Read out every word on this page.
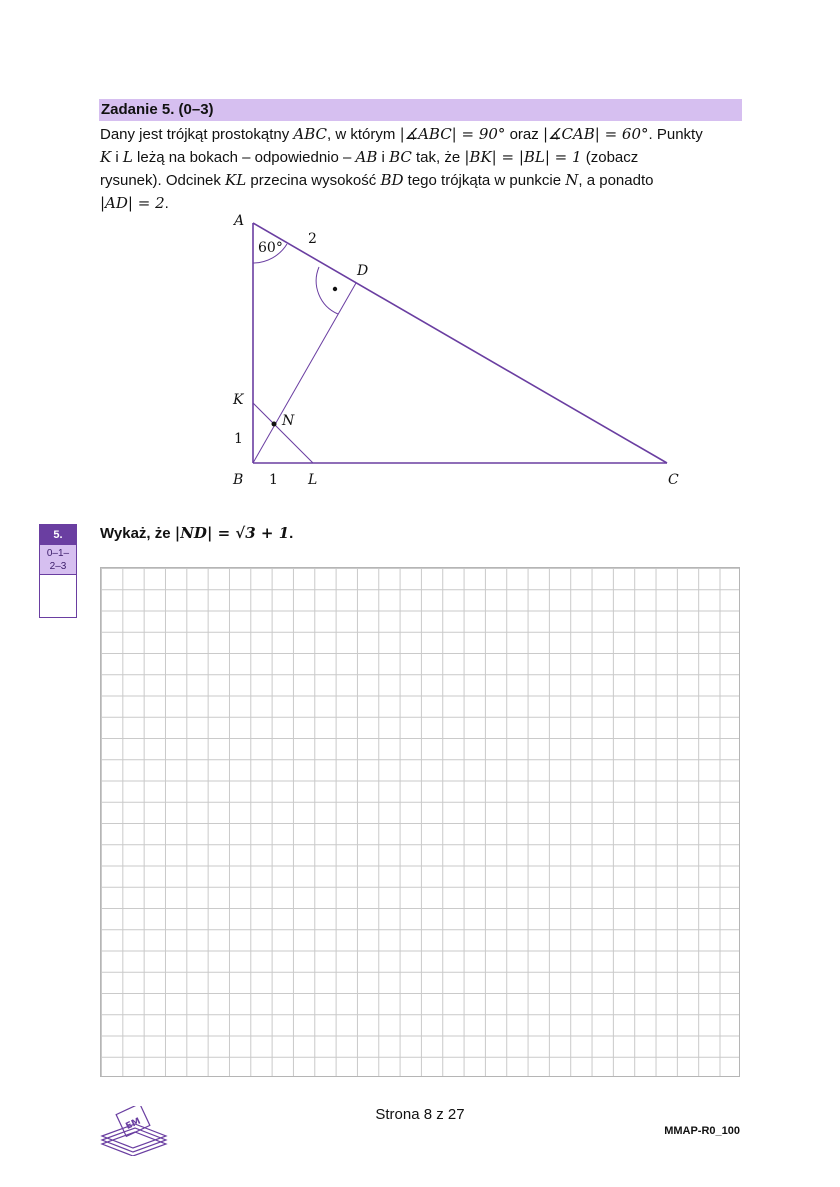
Zadanie 5. (0–3)

Dany jest trójkąt prostokątny ABC, w którym |∡ABC| = 90° oraz |∡CAB| = 60°. Punkty

K i L leżą na bokach – odpowiednio – AB i BC tak, że |BK| = |BL| = 1 (zobacz

rysunek). Odcinek KL przecina wysokość BD tego trójkąta w punkcie N, a ponadto

|AD| = 2.

A
60°
2
D
K
N
1
B 1 L	C
5.
0–1–
2–3
Wykaż, że |ND| = √3 + 1.
EM
Strona 8 z 27
MMAP-R0_100
